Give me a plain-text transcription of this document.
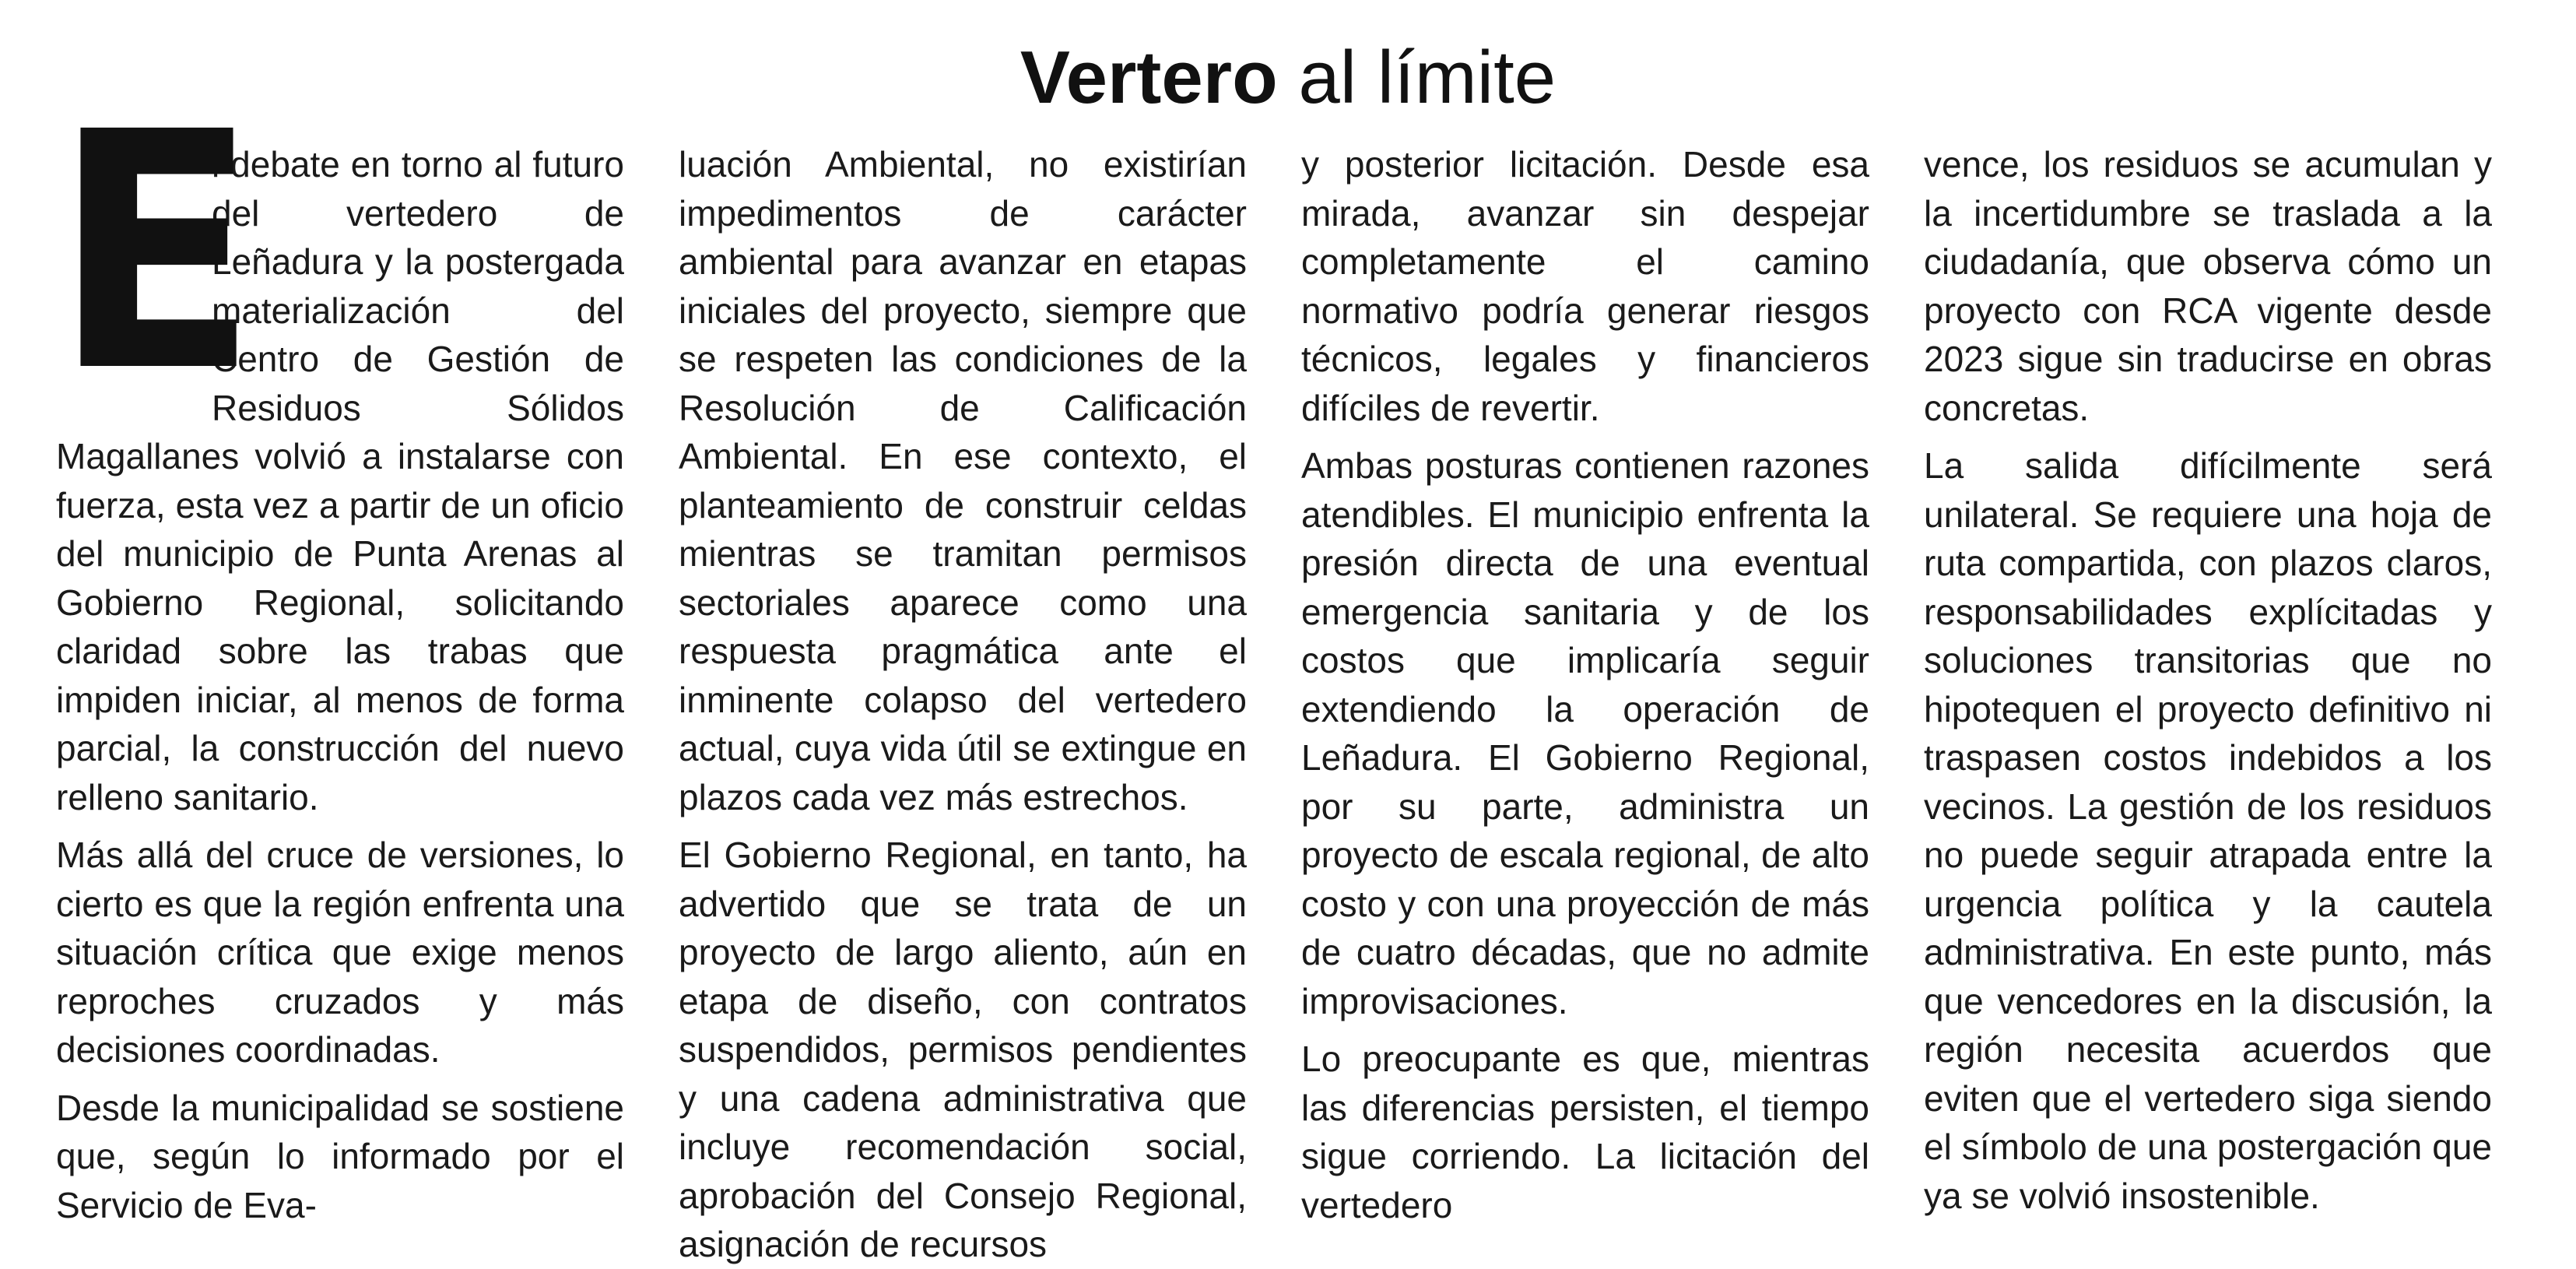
Vertero al límite
E

l debate en torno al futuro del vertedero de Leñadura y la postergada materialización del Centro de Gestión de Residuos Sólidos Magallanes volvió a instalarse con fuerza, esta vez a partir de un oficio del municipio de Punta Arenas al Gobierno Regional, solicitando claridad sobre las trabas que impiden iniciar, al menos de forma parcial, la construcción del nuevo relleno sanitario.

Más allá del cruce de versiones, lo cierto es que la región enfrenta una situación crítica que exige menos reproches cruzados y más decisiones coordinadas.

Desde la municipalidad se sostiene que, según lo informado por el Servicio de Eva-

luación Ambiental, no existirían impedimentos de carácter ambiental para avanzar en etapas iniciales del proyecto, siempre que se respeten las condiciones de la Resolución de Calificación Ambiental. En ese contexto, el planteamiento de construir celdas mientras se tramitan permisos sectoriales aparece como una respuesta pragmática ante el inminente colapso del vertedero actual, cuya vida útil se extingue en plazos cada vez más estrechos.

El Gobierno Regional, en tanto, ha advertido que se trata de un proyecto de largo aliento, aún en etapa de diseño, con contratos suspendidos, permisos pendientes y una cadena administrativa que incluye recomendación social, aprobación del Consejo Regional, asignación de recursos

y posterior licitación. Desde esa mirada, avanzar sin despejar completamente el camino normativo podría generar riesgos técnicos, legales y financieros difíciles de revertir.

Ambas posturas contienen razones atendibles. El municipio enfrenta la presión directa de una eventual emergencia sanitaria y de los costos que implicaría seguir extendiendo la operación de Leñadura. El Gobierno Regional, por su parte, administra un proyecto de escala regional, de alto costo y con una proyección de más de cuatro décadas, que no admite improvisaciones.

Lo preocupante es que, mientras las diferencias persisten, el tiempo sigue corriendo. La licitación del vertedero

vence, los residuos se acumulan y la incertidumbre se traslada a la ciudadanía, que observa cómo un proyecto con RCA vigente desde 2023 sigue sin traducirse en obras concretas.

La salida difícilmente será unilateral. Se requiere una hoja de ruta compartida, con plazos claros, responsabilidades explícitadas y soluciones transitorias que no hipotequen el proyecto definitivo ni traspasen costos indebidos a los vecinos. La gestión de los residuos no puede seguir atrapada entre la urgencia política y la cautela administrativa. En este punto, más que vencedores en la discusión, la región necesita acuerdos que eviten que el vertedero siga siendo el símbolo de una postergación que ya se volvió insostenible.
